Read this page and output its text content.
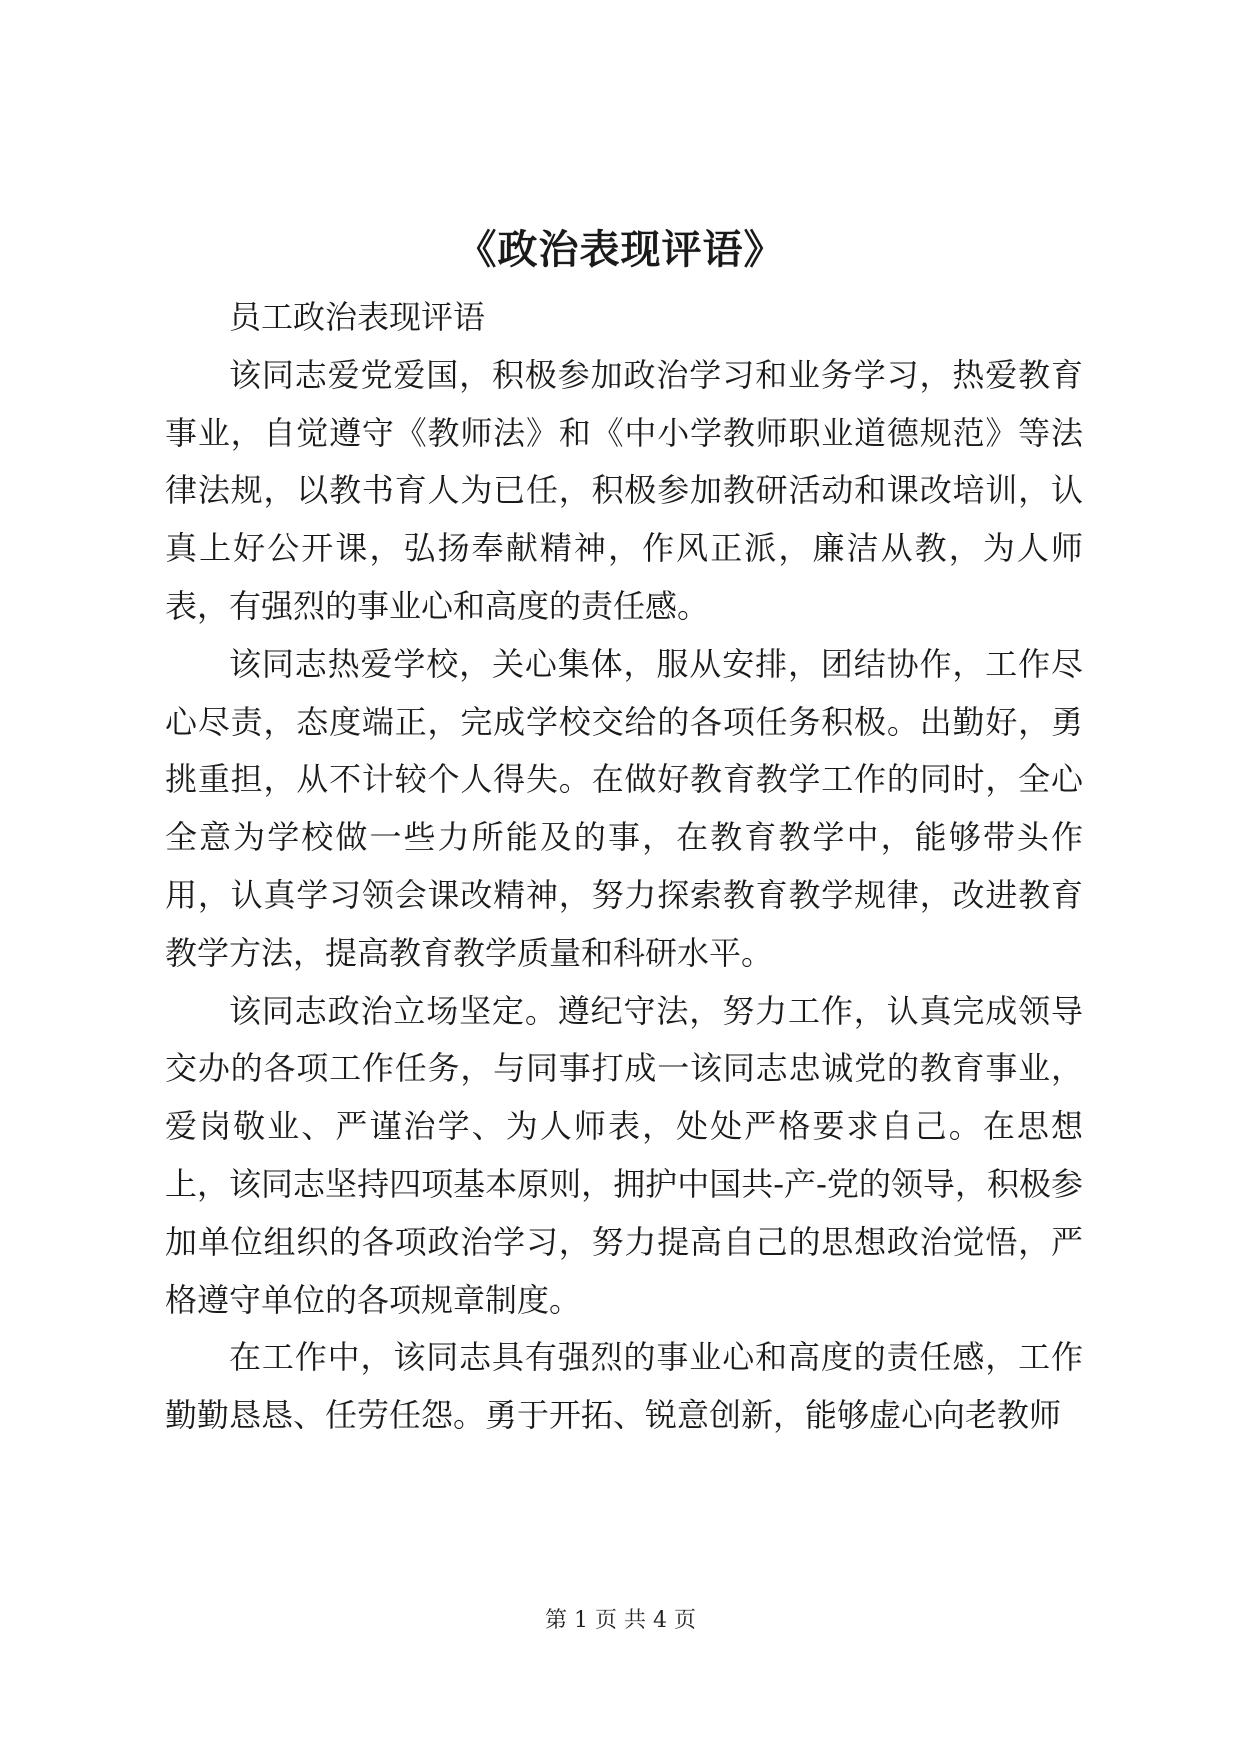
《政治表现评语》

员工政治表现评语

该同志爱党爱国，积极参加政治学习和业务学习，热爱教育事业，自觉遵守《教师法》和《中小学教师职业道德规范》等法律法规，以教书育人为已任，积极参加教研活动和课改培训，认真上好公开课，弘扬奉献精神，作风正派，廉洁从教，为人师表，有强烈的事业心和高度的责任感。

该同志热爱学校，关心集体，服从安排，团结协作，工作尽心尽责，态度端正，完成学校交给的各项任务积极。出勤好，勇挑重担，从不计较个人得失。在做好教育教学工作的同时，全心全意为学校做一些力所能及的事，在教育教学中，能够带头作用，认真学习领会课改精神，努力探索教育教学规律，改进教育教学方法，提高教育教学质量和科研水平。

该同志政治立场坚定。遵纪守法，努力工作，认真完成领导交办的各项工作任务，与同事打成一该同志忠诚党的教育事业，爱岗敬业、严谨治学、为人师表，处处严格要求自己。在思想上，该同志坚持四项基本原则，拥护中国共-产-党的领导，积极参加单位组织的各项政治学习，努力提高自己的思想政治觉悟，严格遵守单位的各项规章制度。

在工作中，该同志具有强烈的事业心和高度的责任感，工作勤勤恳恳、任劳任怨。勇于开拓、锐意创新，能够虚心向老教师

第 1 页 共 4 页
